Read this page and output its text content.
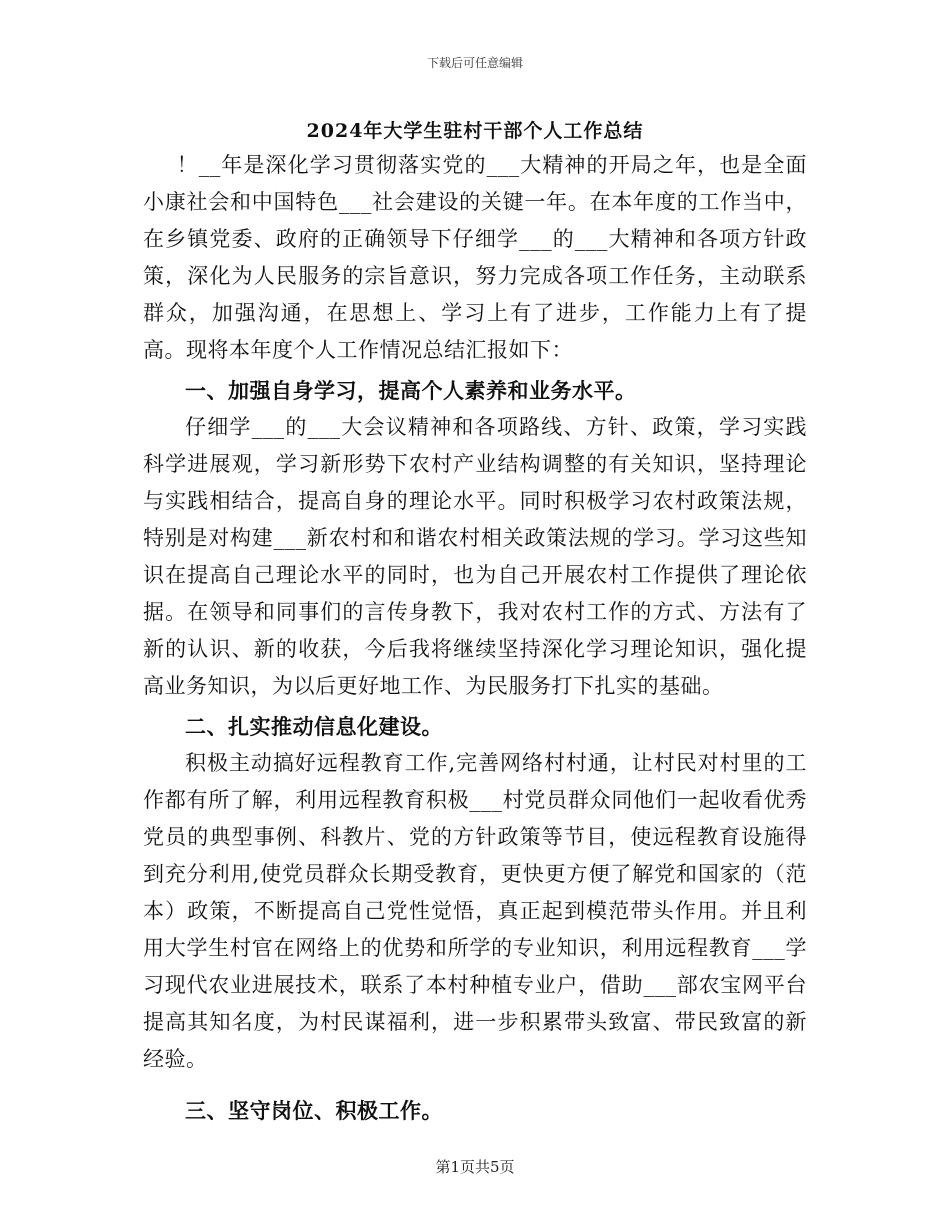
下载后可任意编辑
2024年大学生驻村干部个人工作总结

！__年是深化学习贯彻落实党的___大精神的开局之年，也是全面小康社会和中国特色___社会建设的关键一年。在本年度的工作当中，在乡镇党委、政府的正确领导下仔细学___的___大精神和各项方针政策，深化为人民服务的宗旨意识，努力完成各项工作任务，主动联系群众，加强沟通，在思想上、学习上有了进步，工作能力上有了提高。现将本年度个人工作情况总结汇报如下：

一、加强自身学习，提高个人素养和业务水平。

仔细学___的___大会议精神和各项路线、方针、政策，学习实践科学进展观，学习新形势下农村产业结构调整的有关知识，坚持理论与实践相结合，提高自身的理论水平。同时积极学习农村政策法规，特别是对构建___新农村和和谐农村相关政策法规的学习。学习这些知识在提高自己理论水平的同时，也为自己开展农村工作提供了理论依据。在领导和同事们的言传身教下，我对农村工作的方式、方法有了新的认识、新的收获，今后我将继续坚持深化学习理论知识，强化提高业务知识，为以后更好地工作、为民服务打下扎实的基础。

二、扎实推动信息化建设。

积极主动搞好远程教育工作,完善网络村村通，让村民对村里的工作都有所了解，利用远程教育积极___村党员群众同他们一起收看优秀党员的典型事例、科教片、党的方针政策等节目，使远程教育设施得到充分利用,使党员群众长期受教育，更快更方便了解党和国家的（范本）政策，不断提高自己党性觉悟，真正起到模范带头作用。并且利用大学生村官在网络上的优势和所学的专业知识，利用远程教育___学习现代农业进展技术，联系了本村种植专业户，借助___部农宝网平台提高其知名度，为村民谋福利，进一步积累带头致富、带民致富的新经验。

三、坚守岗位、积极工作。

第1页共5页
